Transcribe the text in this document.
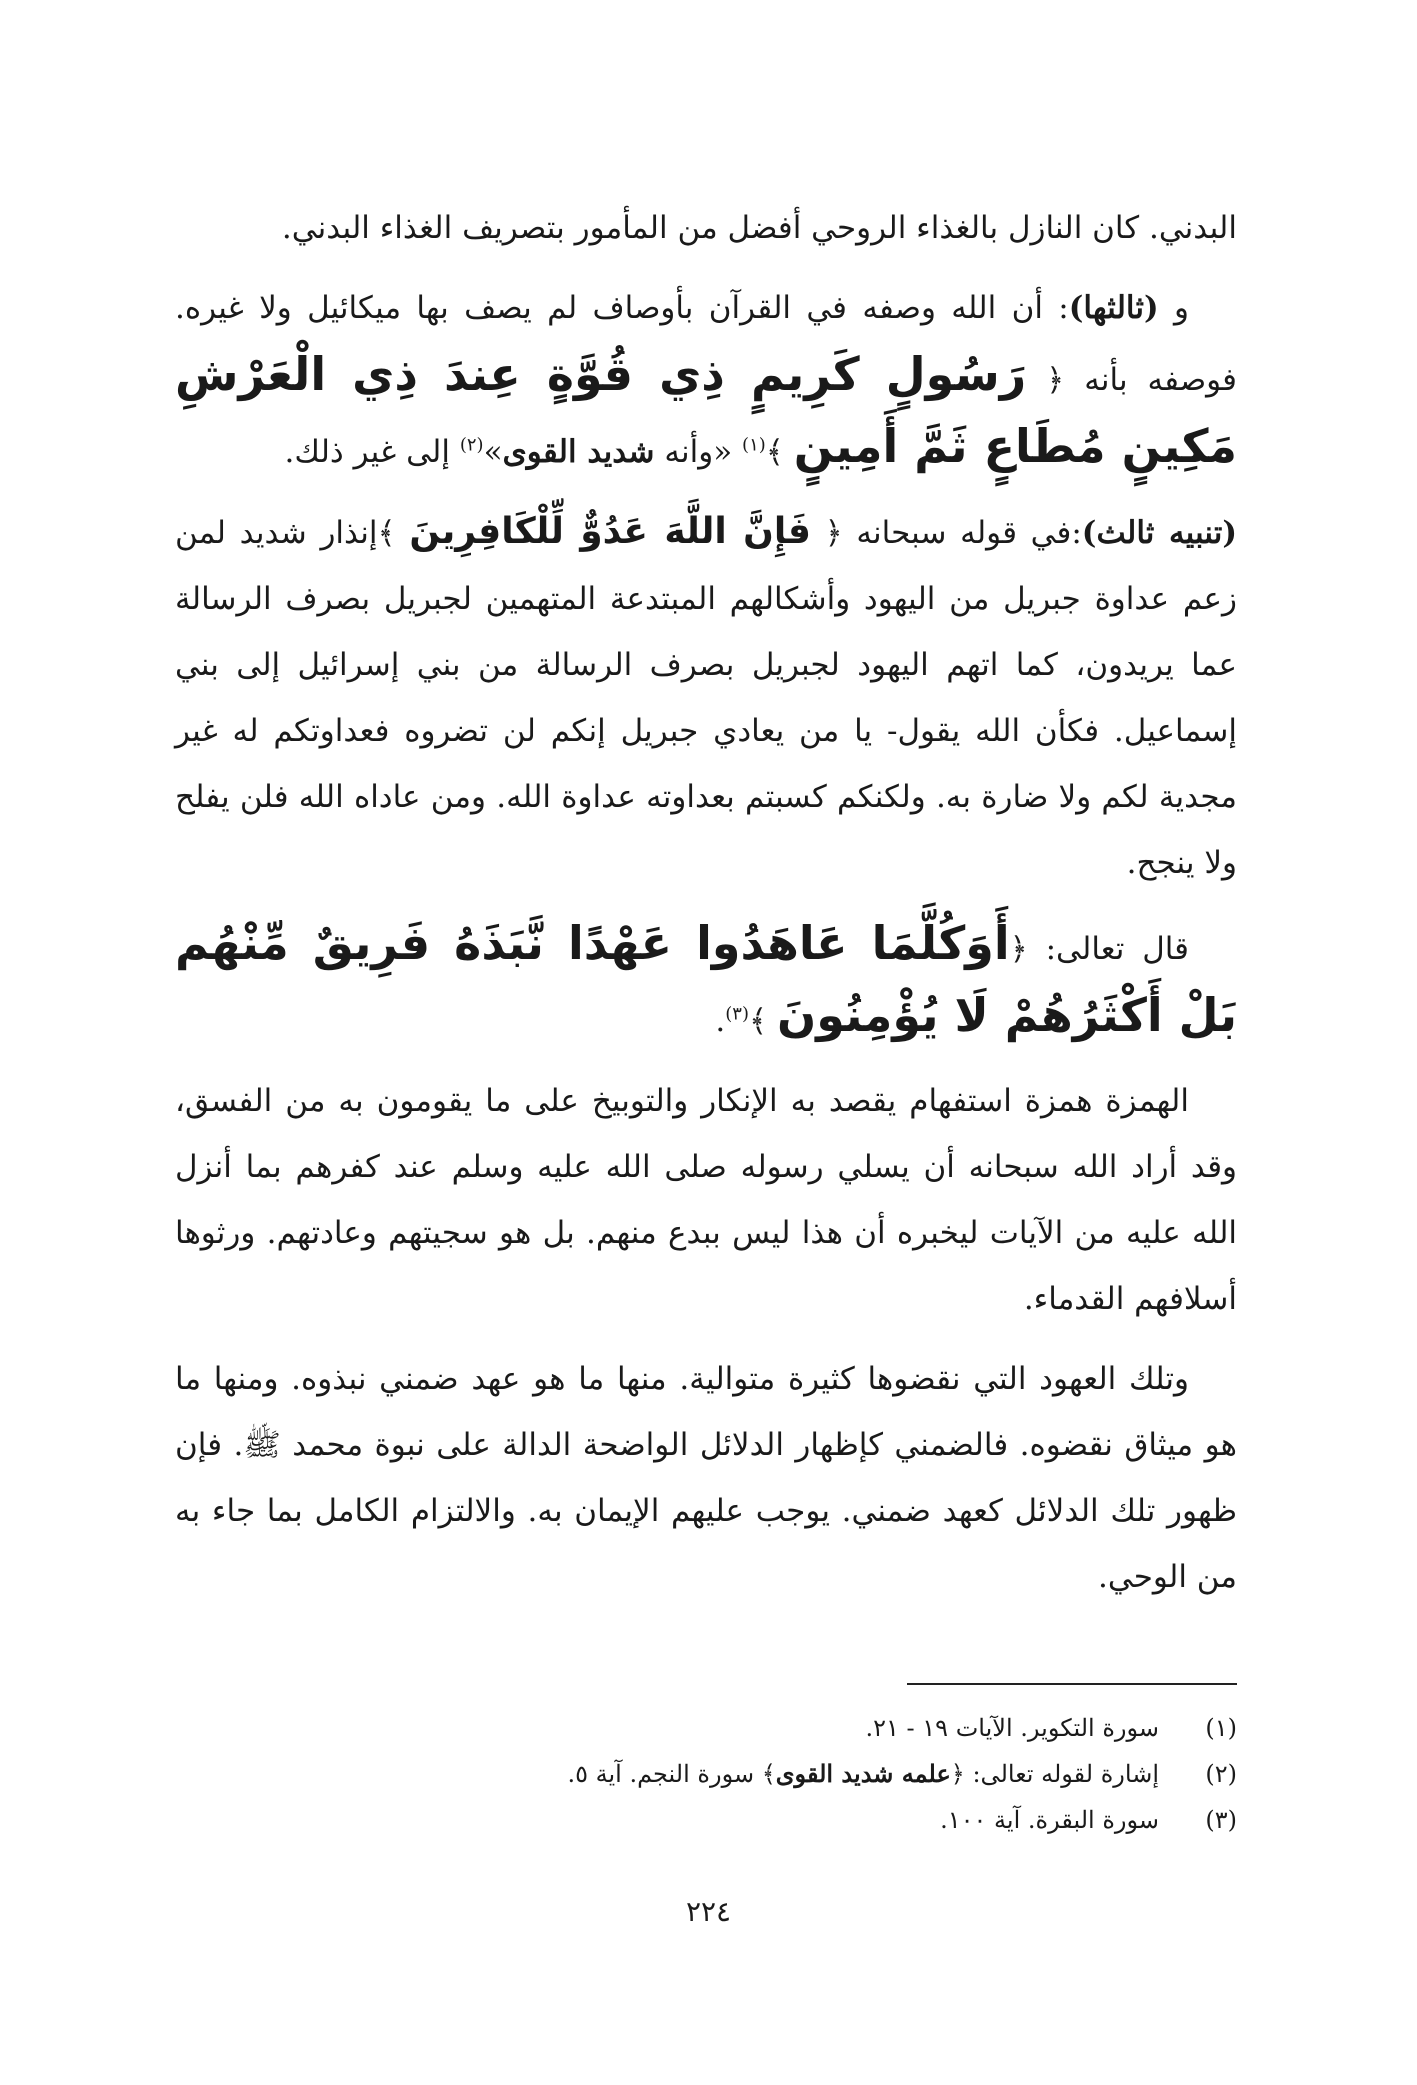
البدني. كان النازل بالغذاء الروحي أفضل من المأمور بتصريف الغذاء البدني.

و (ثالثها): أن الله وصفه في القرآن بأوصاف لم يصف بها ميكائيل ولا غيره. فوصفه بأنه ﴿ رَسُولٍ كَرِيمٍ ذِي قُوَّةٍ عِندَ ذِي الْعَرْشِ مَكِينٍ مُطَاعٍ ثَمَّ أَمِينٍ ﴾$^{(١)}$ «وأنه شديد القوى»$^{(٢)}$ إلى غير ذلك.

(تنبيه ثالث):في قوله سبحانه ﴿ فَإِنَّ اللَّهَ عَدُوٌّ لِّلْكَافِرِينَ ﴾إنذار شديد لمن زعم عداوة جبريل من اليهود وأشكالهم المبتدعة المتهمين لجبريل بصرف الرسالة عما يريدون، كما اتهم اليهود لجبريل بصرف الرسالة من بني إسرائيل إلى بني إسماعيل. فكأن الله يقول- يا من يعادي جبريل إنكم لن تضروه فعداوتكم له غير مجدية لكم ولا ضارة به. ولكنكم كسبتم بعداوته عداوة الله. ومن عاداه الله فلن يفلح ولا ينجح.

قال تعالى: ﴿أَوَكُلَّمَا عَاهَدُوا عَهْدًا نَّبَذَهُ فَرِيقٌ مِّنْهُم بَلْ أَكْثَرُهُمْ لَا يُؤْمِنُونَ ﴾$^{(٣)}$.

الهمزة همزة استفهام يقصد به الإنكار والتوبيخ على ما يقومون به من الفسق، وقد أراد الله سبحانه أن يسلي رسوله صلى الله عليه وسلم عند كفرهم بما أنزل الله عليه من الآيات ليخبره أن هذا ليس ببدع منهم. بل هو سجيتهم وعادتهم. ورثوها أسلافهم القدماء.

وتلك العهود التي نقضوها كثيرة متوالية. منها ما هو عهد ضمني نبذوه. ومنها ما هو ميثاق نقضوه. فالضمني كإظهار الدلائل الواضحة الدالة على نبوة محمد ﷺ. فإن ظهور تلك الدلائل كعهد ضمني. يوجب عليهم الإيمان به. والالتزام الكامل بما جاء به من الوحي.

(١)
سورة التكوير. الآيات ١٩ - ٢١.
(٢)
إشارة لقوله تعالى: ﴿علمه شديد القوى﴾ سورة النجم. آية ٥.
(٣)
سورة البقرة. آية ١٠٠.
٢٢٤
